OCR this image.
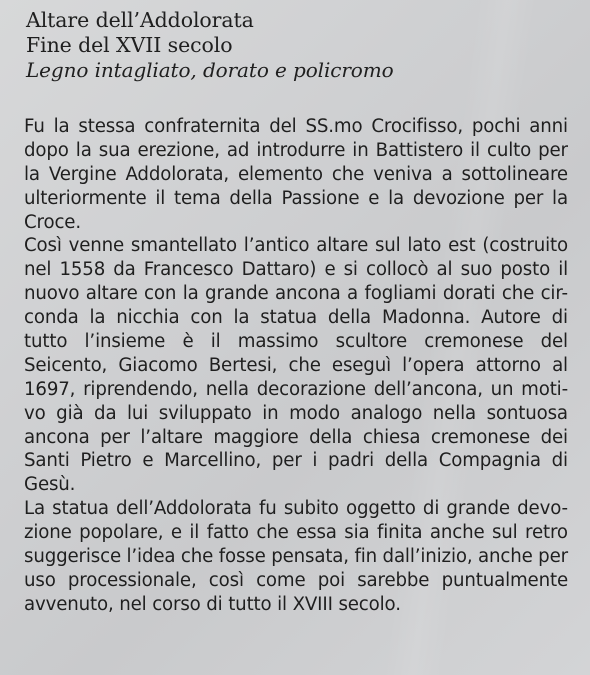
Altare dell’Addolorata
Fine del XVII secolo
Legno intagliato, dorato e policromo
Fu la stessa confraternita del SS.mo Crocifisso, pochi anni
dopo la sua erezione, ad introdurre in Battistero il culto per
la Vergine Addolorata, elemento che veniva a sottolineare
ulteriormente il tema della Passione e la devozione per la
Croce.
Così venne smantellato l’antico altare sul lato est (costruito
nel 1558 da Francesco Dattaro) e si collocò al suo posto il
nuovo altare con la grande ancona a fogliami dorati che cir-
conda la nicchia con la statua della Madonna. Autore di
tutto l’insieme è il massimo scultore cremonese del
Seicento, Giacomo Bertesi, che eseguì l’opera attorno al
1697, riprendendo, nella decorazione dell’ancona, un moti-
vo già da lui sviluppato in modo analogo nella sontuosa
ancona per l’altare maggiore della chiesa cremonese dei
Santi Pietro e Marcellino, per i padri della Compagnia di
Gesù.
La statua dell’Addolorata fu subito oggetto di grande devo-
zione popolare, e il fatto che essa sia finita anche sul retro
suggerisce l’idea che fosse pensata, fin dall’inizio, anche per
uso processionale, così come poi sarebbe puntualmente
avvenuto, nel corso di tutto il XVIII secolo.
